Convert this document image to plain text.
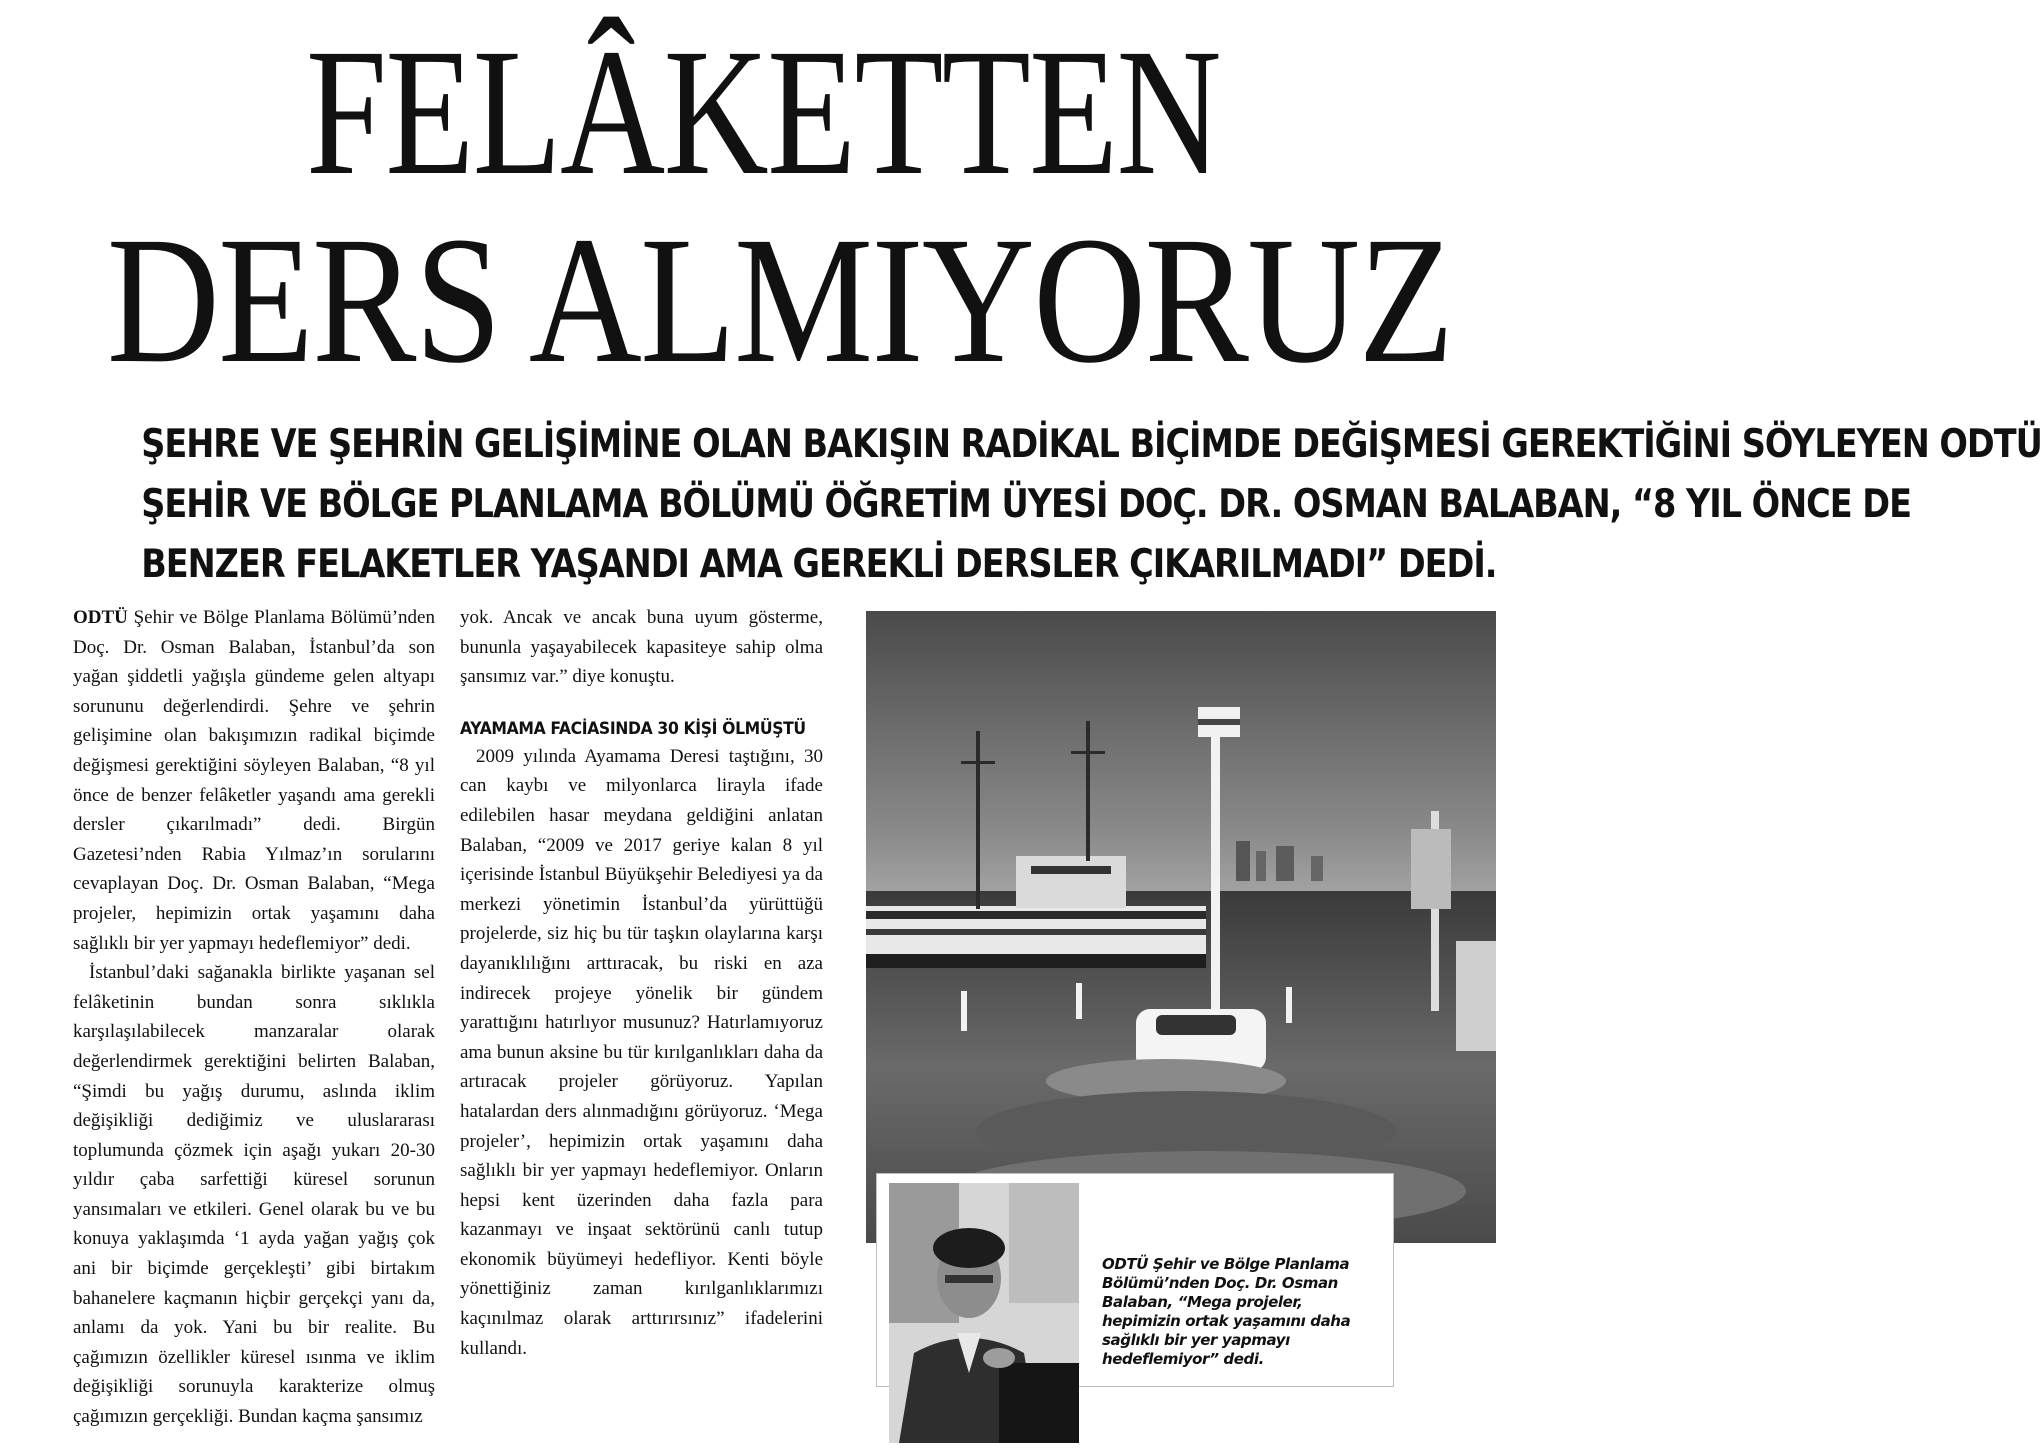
FELÂKETTEN
DERS ALMIYORUZ
ŞEHRE VE ŞEHRİN GELİŞİMİNE OLAN BAKIŞIN RADİKAL BİÇİMDE DEĞİŞMESİ GEREKTİĞİNİ SÖYLEYEN ODTÜ
ŞEHİR VE BÖLGE PLANLAMA BÖLÜMÜ ÖĞRETİM ÜYESİ DOÇ. DR. OSMAN BALABAN, “8 YIL ÖNCE DE
BENZER FELAKETLER YAŞANDI AMA GEREKLİ DERSLER ÇIKARILMADI” DEDİ.

ODTÜ Şehir ve Bölge Planlama Bölümü’nden Doç. Dr. Osman Balaban, İstanbul’da son yağan şiddetli yağışla gündeme gelen altyapı sorununu değerlendirdi. Şehre ve şehrin gelişimine olan bakışımızın radikal biçimde değişmesi gerektiğini söyleyen Balaban, “8 yıl önce de benzer felâketler yaşandı ama gerekli dersler çıkarılmadı” dedi. Birgün Gazetesi’nden Rabia Yılmaz’ın sorularını cevaplayan Doç. Dr. Osman Balaban, “Mega projeler, hepimizin ortak yaşamını daha sağlıklı bir yer yapmayı hedeflemiyor” dedi.

İstanbul’daki sağanakla birlikte yaşanan sel felâketinin bundan sonra sıklıkla karşılaşılabilecek manzaralar olarak değerlendirmek gerektiğini belirten Balaban, “Şimdi bu yağış durumu, aslında iklim değişikliği dediğimiz ve uluslararası toplumunda çözmek için aşağı yukarı 20-30 yıldır çaba sarfettiği küresel sorunun yansımaları ve etkileri. Genel olarak bu ve bu konuya yaklaşımda ‘1 ayda yağan yağış çok ani bir biçimde gerçekleşti’ gibi birtakım bahanelere kaçmanın hiçbir gerçekçi yanı da, anlamı da yok. Yani bu bir realite. Bu çağımızın özellikler küresel ısınma ve iklim değişikliği sorunuyla karakterize olmuş çağımızın gerçekliği. Bundan kaçma şansımız

yok. Ancak ve ancak buna uyum gösterme, bununla yaşayabilecek kapasiteye sahip olma şansımız var.” diye konuştu.

AYAMAMA FACİASINDA 30 KİŞİ ÖLMÜŞTÜ

2009 yılında Ayamama Deresi taştığını, 30 can kaybı ve milyonlarca lirayla ifade edilebilen hasar meydana geldiğini anlatan Balaban, “2009 ve 2017 geriye kalan 8 yıl içerisinde İstanbul Büyükşehir Belediyesi ya da merkezi yönetimin İstanbul’da yürüttüğü projelerde, siz hiç bu tür taşkın olaylarına karşı dayanıklılığını arttıracak, bu riski en aza indirecek projeye yönelik bir gündem yarattığını hatırlıyor musunuz? Hatırlamıyoruz ama bunun aksine bu tür kırılganlıkları daha da artıracak projeler görüyoruz. Yapılan hatalardan ders alınmadığını görüyoruz. ‘Mega projeler’, hepimizin ortak yaşamını daha sağlıklı bir yer yapmayı hedeflemiyor. Onların hepsi kent üzerinden daha fazla para kazanmayı ve inşaat sektörünü canlı tutup ekonomik büyümeyi hedefliyor. Kenti böyle yönettiğiniz zaman kırılganlıklarımızı kaçınılmaz olarak arttırırsınız” ifadelerini kullandı.

ODTÜ Şehir ve Bölge Planlama Bölümü’nden Doç. Dr. Osman Balaban, “Mega projeler, hepimizin ortak yaşamını daha sağlıklı bir yer yapmayı hedeflemiyor” dedi.
